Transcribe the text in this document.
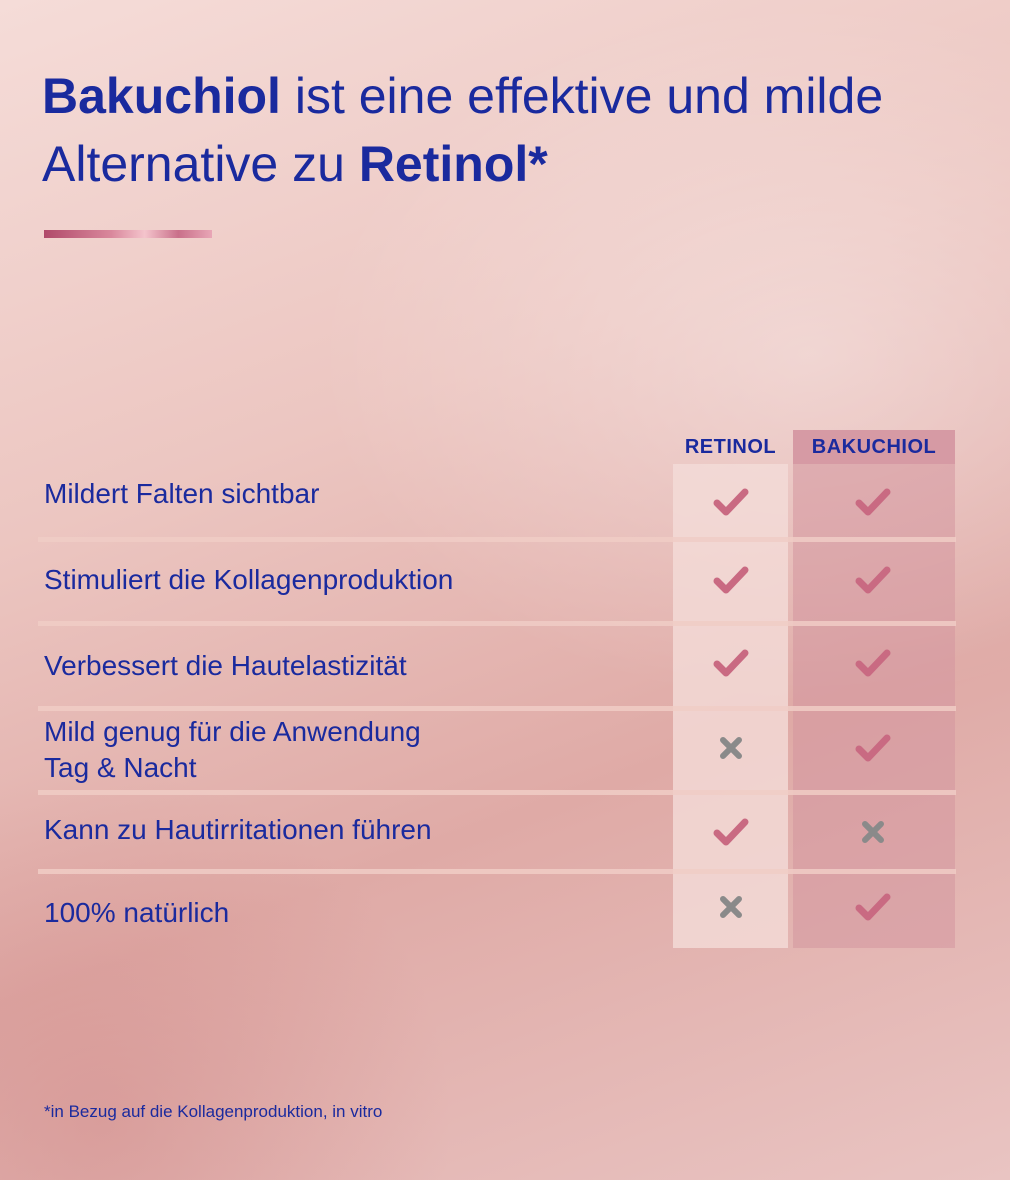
Bakuchiol ist eine effektive und milde Alternative zu Retinol*
RETINOL	BAKUCHIOL
Mildert Falten sichtbar
Stimuliert die Kollagenproduktion
Verbessert die Hautelastizität
Mild genug für die Anwendung
Tag & Nacht
Kann zu Hautirritationen führen
100% natürlich
*in Bezug auf die Kollagenproduktion, in vitro
